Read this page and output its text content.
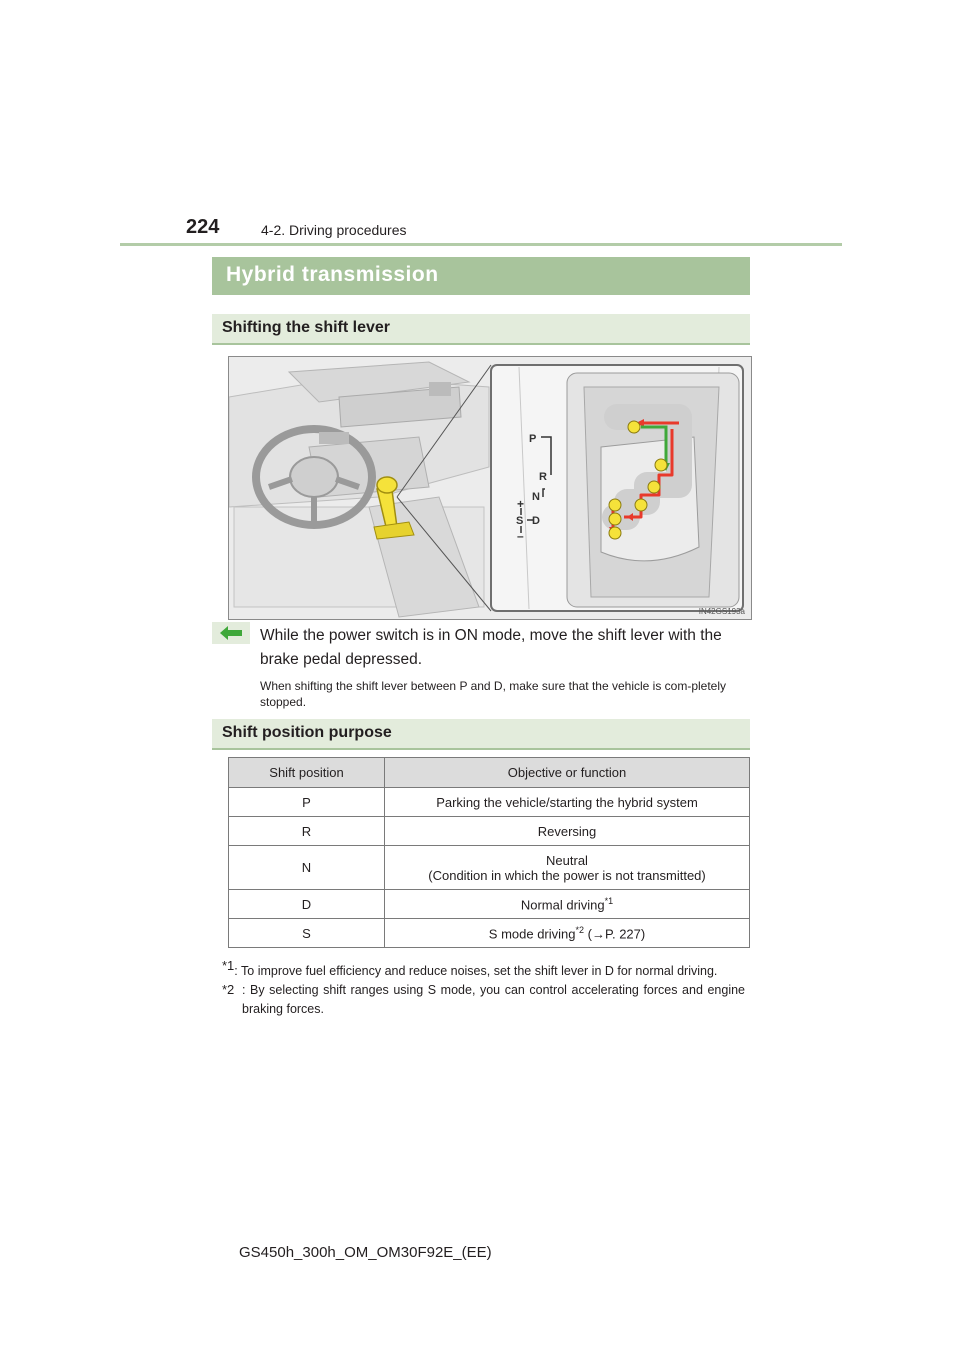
224	4-2. Driving procedures
Hybrid transmission
Shifting the shift lever
P
R
N
+
S D
–
IN42GS193a
While the power switch is in ON mode, move the shift lever with the brake pedal depressed.
When shifting the shift lever between P and D, make sure that the vehicle is com-pletely stopped.
Shift position purpose
Shift position	Objective or function
P	Parking the vehicle/starting the hybrid system
R	Reversing
N	Neutral
(Condition in which the power is not transmitted)
D	Normal driving$^{*1}$
S	S mode driving$^{*2}$ (→P. 227)
$^{*1}$: To improve fuel efficiency and reduce noises, set the shift lever in D for normal driving.
$^{*2}$ : By selecting shift ranges using S mode, you can control accelerating forces and engine braking forces.
GS450h_300h_OM_OM30F92E_(EE)
